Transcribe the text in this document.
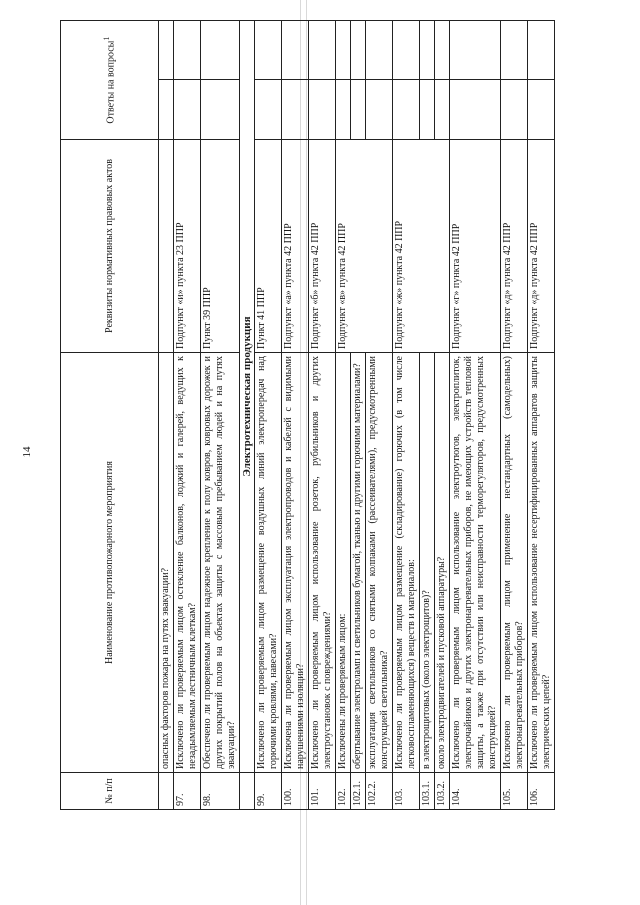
14
№ п/п	Наименование противопожарного мероприятия	Реквизиты нормативных правовых актов	Ответы на вопросы$^1$
	опасных факторов пожара на путях эвакуации?			
97.	Исключено ли проверяемым лицом остекление балконов, лоджий и галерей, ведущих к незадымляемым лестничным клеткам?	Подпункт «и» пункта 23 ППР		
98.	Обеспечено ли проверяемым лицом надежное крепление к полу ковров, ковровых дорожек и других покрытий полов на объектах защиты с массовым пребыванием людей и на путях эвакуации?	Пункт 39 ППР		
	Электротехническая продукция			
99.	Исключено ли проверяемым лицом размещение воздушных линий электропередач над горючими кровлями, навесами?	Пункт 41 ППР		
100.	Исключена ли проверяемым лицом эксплуатация электропроводов и кабелей с видимыми нарушениями изоляции?	Подпункт «а» пункта 42 ППР		
101.	Исключено ли проверяемым лицом использование розеток, рубильников и других электроустановок с повреждениями?	Подпункт «б» пункта 42 ППР		
102.	Исключены ли проверяемым лицом:	Подпункт «в» пункта 42 ППР		
102.1.	обертывание электроламп и светильников бумагой, тканью и другими горючими материалами?			
102.2.	эксплуатация светильников со снятыми колпаками (рассеивателями), предусмотренными конструкцией светильника?			
103.	Исключено ли проверяемым лицом размещение (складирование) горючих (в том числе легковоспламеняющихся) веществ и материалов:	Подпункт «ж» пункта 42 ППР		
103.1.	в электрощитовых (около электрощитов)?			
103.2.	около электродвигателей и пусковой аппаратуры?			
104.	Исключено ли проверяемым лицом использование электроутюгов, электроплиток, электрочайников и других электронагревательных приборов, не имеющих устройств тепловой защиты, а также при отсутствии или неисправности терморегуляторов, предусмотренных конструкцией?	Подпункт «г» пункта 42 ППР		
105.	Исключено ли проверяемым лицом применение нестандартных (самодельных) электронагревательных приборов?	Подпункт «д» пункта 42 ППР		
106.	Исключено ли проверяемым лицом использование несертифицированных аппаратов защиты электрических цепей?	Подпункт «д» пункта 42 ППР		
